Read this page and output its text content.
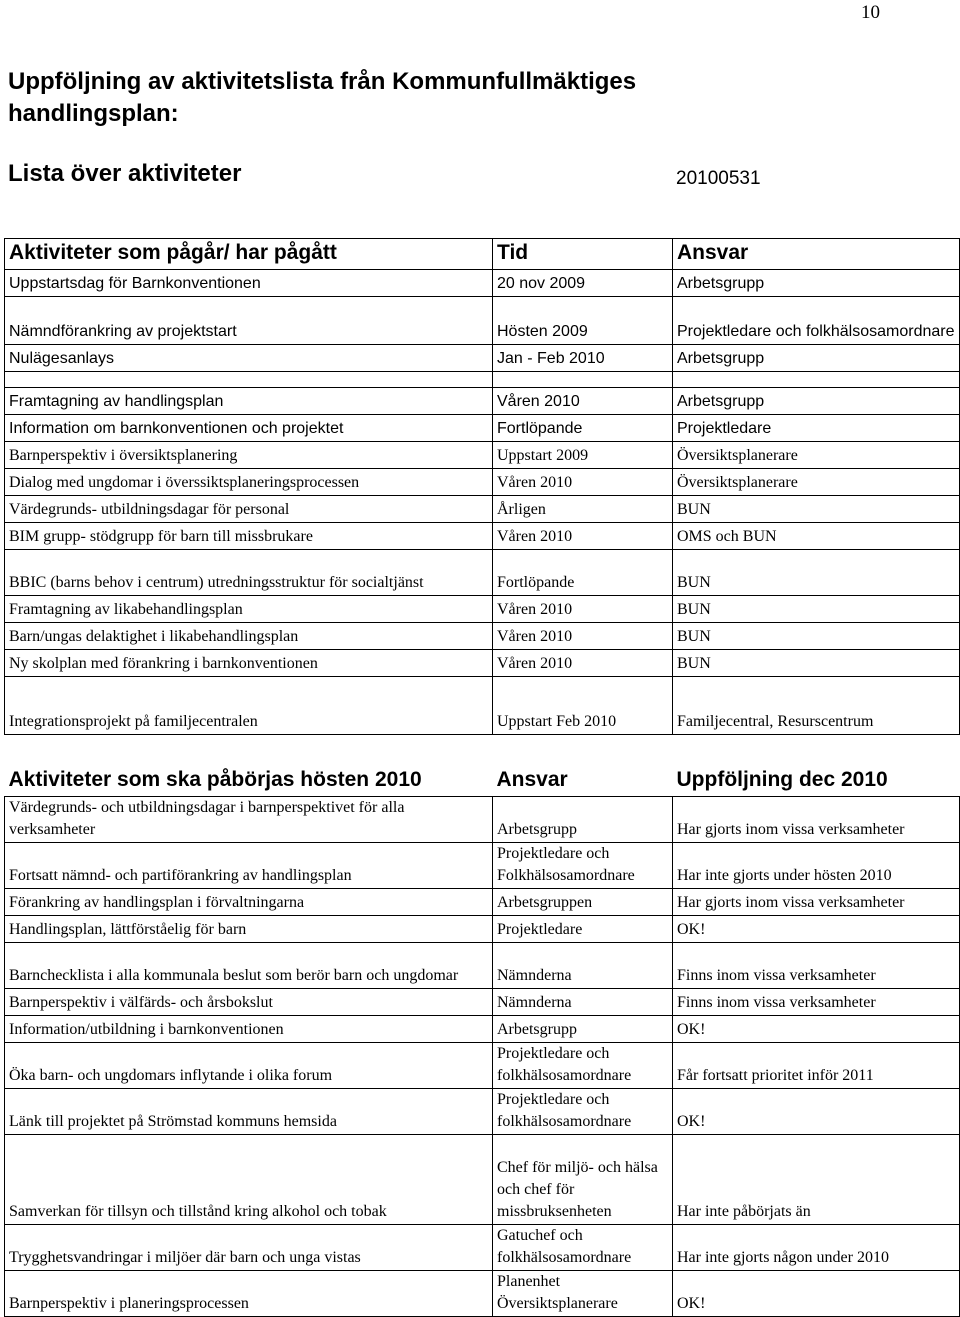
10
Uppföljning av aktivitetslista från Kommunfullmäktiges handlingsplan:
Lista över aktiviteter	20100531
Aktiviteter som pågår/ har pågått	Tid	Ansvar
Uppstartsdag för Barnkonventionen	20 nov 2009	Arbetsgrupp
Nämndförankring av projektstart	Hösten 2009	Projektledare och folkhälsosamordnare
Nulägesanlays	Jan - Feb 2010	Arbetsgrupp

Framtagning av handlingsplan	Våren 2010	Arbetsgrupp
Information om barnkonventionen och projektet	Fortlöpande	Projektledare
Barnperspektiv i översiktsplanering	Uppstart 2009	Översiktsplanerare
Dialog med ungdomar i överssiktsplaneringsprocessen	Våren 2010	Översiktsplanerare
Värdegrunds- utbildningsdagar för personal	Årligen	BUN
BIM grupp- stödgrupp för barn till missbrukare	Våren 2010	OMS och BUN
BBIC (barns behov i centrum) utredningsstruktur för socialtjänst	Fortlöpande	BUN
Framtagning av likabehandlingsplan	Våren 2010	BUN
Barn/ungas delaktighet i likabehandlingsplan	Våren 2010	BUN
Ny skolplan med förankring i barnkonventionen	Våren 2010	BUN
Integrationsprojekt på familjecentralen	Uppstart Feb 2010	Familjecentral, Resurscentrum
Aktiviteter som ska påbörjas hösten 2010	Ansvar	Uppföljning dec 2010
Värdegrunds- och utbildningsdagar i barnperspektivet för alla verksamheter	Arbetsgrupp	Har gjorts inom vissa verksamheter
Fortsatt nämnd- och partiförankring av handlingsplan	Projektledare och Folkhälsosamordnare	Har inte gjorts under hösten 2010
Förankring av handlingsplan i förvaltningarna	Arbetsgruppen	Har gjorts inom vissa verksamheter
Handlingsplan, lättförståelig för barn	Projektledare	OK!
Barnchecklista i alla kommunala beslut som berör barn och ungdomar	Nämnderna	Finns inom vissa verksamheter
Barnperspektiv i välfärds- och årsbokslut	Nämnderna	Finns inom vissa verksamheter
Information/utbildning i barnkonventionen	Arbetsgrupp	OK!
Öka barn- och ungdomars inflytande i olika forum	Projektledare och folkhälsosamordnare	Får fortsatt prioritet inför 2011
Länk till projektet på Strömstad kommuns hemsida	Projektledare och folkhälsosamordnare	OK!
Samverkan för tillsyn och tillstånd kring alkohol och tobak	Chef för miljö- och hälsa och chef för missbruksenheten	Har inte påbörjats än
Trygghetsvandringar i miljöer där barn och unga vistas	Gatuchef och folkhälsosamordnare	Har inte gjorts någon under 2010
Barnperspektiv i planeringsprocessen	Planenhet Översiktsplanerare	OK!
